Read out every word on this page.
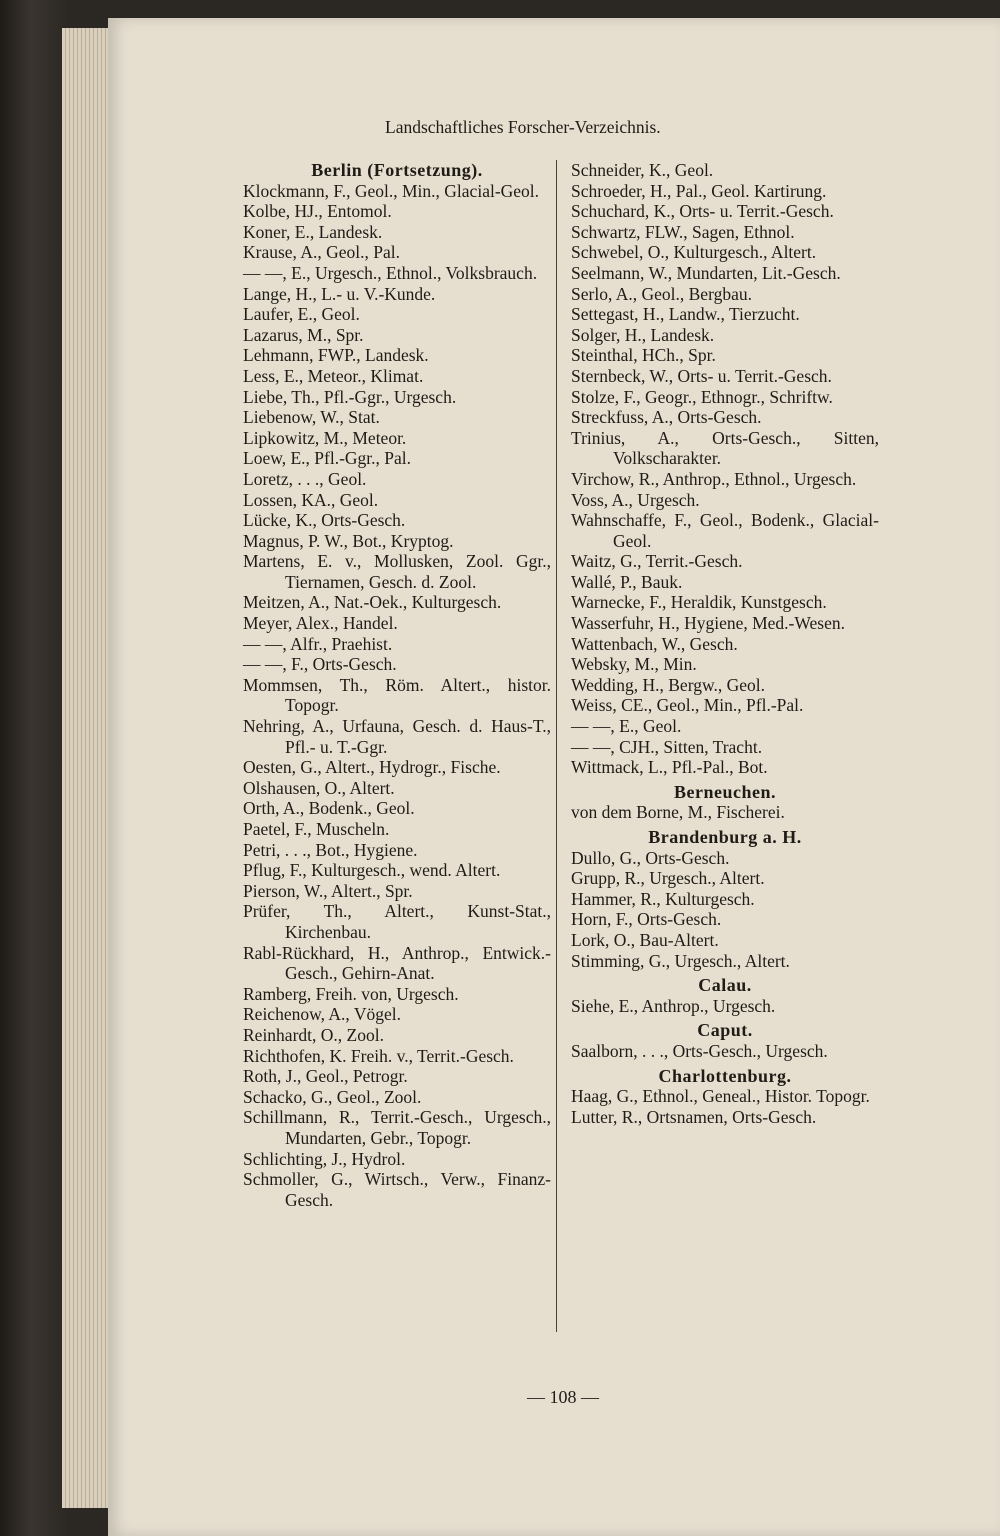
Landschaftliches Forscher-Verzeichnis.
Berlin (Fortsetzung).
Klockmann, F., Geol., Min., Glacial-Geol.
Kolbe, HJ., Entomol.
Koner, E., Landesk.
Krause, A., Geol., Pal.
— —, E., Urgesch., Ethnol., Volksbrauch.
Lange, H., L.- u. V.-Kunde.
Laufer, E., Geol.
Lazarus, M., Spr.
Lehmann, FWP., Landesk.
Less, E., Meteor., Klimat.
Liebe, Th., Pfl.-Ggr., Urgesch.
Liebenow, W., Stat.
Lipkowitz, M., Meteor.
Loew, E., Pfl.-Ggr., Pal.
Loretz, . . ., Geol.
Lossen, KA., Geol.
Lücke, K., Orts-Gesch.
Magnus, P. W., Bot., Kryptog.
Martens, E. v., Mollusken, Zool. Ggr., Tiernamen, Gesch. d. Zool.
Meitzen, A., Nat.-Oek., Kulturgesch.
Meyer, Alex., Handel.
— —, Alfr., Praehist.
— —, F., Orts-Gesch.
Mommsen, Th., Röm. Altert., histor. Topogr.
Nehring, A., Urfauna, Gesch. d. Haus-T., Pfl.- u. T.-Ggr.
Oesten, G., Altert., Hydrogr., Fische.
Olshausen, O., Altert.
Orth, A., Bodenk., Geol.
Paetel, F., Muscheln.
Petri, . . ., Bot., Hygiene.
Pflug, F., Kulturgesch., wend. Altert.
Pierson, W., Altert., Spr.
Prüfer, Th., Altert., Kunst-Stat., Kirchenbau.
Rabl-Rückhard, H., Anthrop., Entwick.-Gesch., Gehirn-Anat.
Ramberg, Freih. von, Urgesch.
Reichenow, A., Vögel.
Reinhardt, O., Zool.
Richthofen, K. Freih. v., Territ.-Gesch.
Roth, J., Geol., Petrogr.
Schacko, G., Geol., Zool.
Schillmann, R., Territ.-Gesch., Urgesch., Mundarten, Gebr., Topogr.
Schlichting, J., Hydrol.
Schmoller, G., Wirtsch., Verw., Finanz-Gesch.
Schneider, K., Geol.
Schroeder, H., Pal., Geol. Kartirung.
Schuchard, K., Orts- u. Territ.-Gesch.
Schwartz, FLW., Sagen, Ethnol.
Schwebel, O., Kulturgesch., Altert.
Seelmann, W., Mundarten, Lit.-Gesch.
Serlo, A., Geol., Bergbau.
Settegast, H., Landw., Tierzucht.
Solger, H., Landesk.
Steinthal, HCh., Spr.
Sternbeck, W., Orts- u. Territ.-Gesch.
Stolze, F., Geogr., Ethnogr., Schriftw.
Streckfuss, A., Orts-Gesch.
Trinius, A., Orts-Gesch., Sitten, Volkscharakter.
Virchow, R., Anthrop., Ethnol., Urgesch.
Voss, A., Urgesch.
Wahnschaffe, F., Geol., Bodenk., Glacial-Geol.
Waitz, G., Territ.-Gesch.
Wallé, P., Bauk.
Warnecke, F., Heraldik, Kunstgesch.
Wasserfuhr, H., Hygiene, Med.-Wesen.
Wattenbach, W., Gesch.
Websky, M., Min.
Wedding, H., Bergw., Geol.
Weiss, CE., Geol., Min., Pfl.-Pal.
— —, E., Geol.
— —, CJH., Sitten, Tracht.
Wittmack, L., Pfl.-Pal., Bot.
Berneuchen.
von dem Borne, M., Fischerei.
Brandenburg a. H.
Dullo, G., Orts-Gesch.
Grupp, R., Urgesch., Altert.
Hammer, R., Kulturgesch.
Horn, F., Orts-Gesch.
Lork, O., Bau-Altert.
Stimming, G., Urgesch., Altert.
Calau.
Siehe, E., Anthrop., Urgesch.
Caput.
Saalborn, . . ., Orts-Gesch., Urgesch.
Charlottenburg.
Haag, G., Ethnol., Geneal., Histor. Topogr.
Lutter, R., Ortsnamen, Orts-Gesch.
— 108 —
